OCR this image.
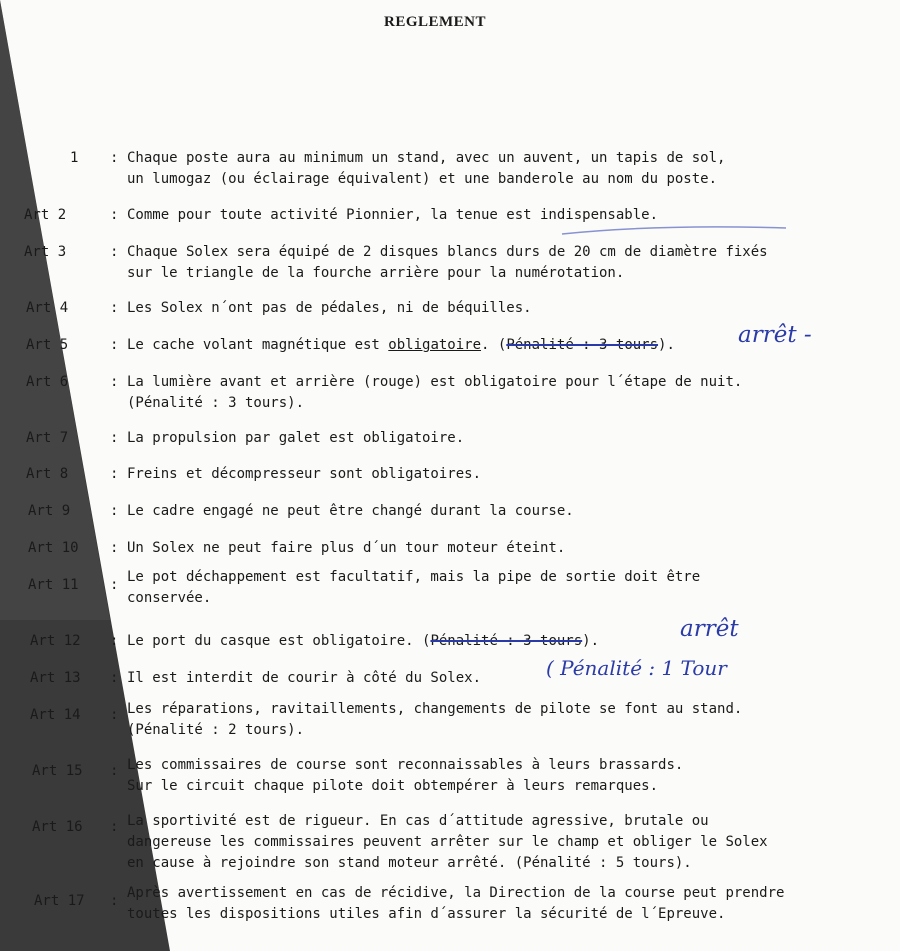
REGLEMENT
1	: Chaque poste aura au minimum un stand, avec un auvent, un tapis de sol,
un lumogaz (ou éclairage équivalent) et une banderole au nom du poste.
Art 2	: Comme pour toute activité Pionnier, la tenue est indispensable.
Art 3	: Chaque Solex sera équipé de 2 disques blancs durs de 20 cm de diamètre fixés
sur le triangle de la fourche arrière pour la numérotation.
Art 4	: Les Solex n´ont pas de pédales, ni de béquilles.
Art 5	: Le cache volant magnétique est obligatoire. (Pénalité : 3 tours).	arrêt -
Art 6	: La lumière avant et arrière (rouge) est obligatoire pour l´étape de nuit.
(Pénalité : 3 tours).
Art 7	: La propulsion par galet est obligatoire.
Art 8	: Freins et décompresseur sont obligatoires.
Art 9	: Le cadre engagé ne peut être changé durant la course.
Art 10	: Un Solex ne peut faire plus d´un tour moteur éteint.
Art 11	: Le pot déchappement est facultatif, mais la pipe de sortie doit être
conservée.
Art 12	: Le port du casque est obligatoire. (Pénalité : 3 tours).	arrêt
Art 13	: Il est interdit de courir à côté du Solex.	( Pénalité : 1 Tour
Art 14	: Les réparations, ravitaillements, changements de pilote se font au stand.
(Pénalité : 2 tours).
Art 15	: Les commissaires de course sont reconnaissables à leurs brassards.
Sur le circuit chaque pilote doit obtempérer à leurs remarques.
Art 16	: La sportivité est de rigueur. En cas d´attitude agressive, brutale ou
dangereuse les commissaires peuvent arrêter sur le champ et obliger le Solex
en cause à rejoindre son stand moteur arrêté. (Pénalité : 5 tours).
Art 17	: Après avertissement en cas de récidive, la Direction de la course peut prendre
toutes les dispositions utiles afin d´assurer la sécurité de l´Epreuve.
